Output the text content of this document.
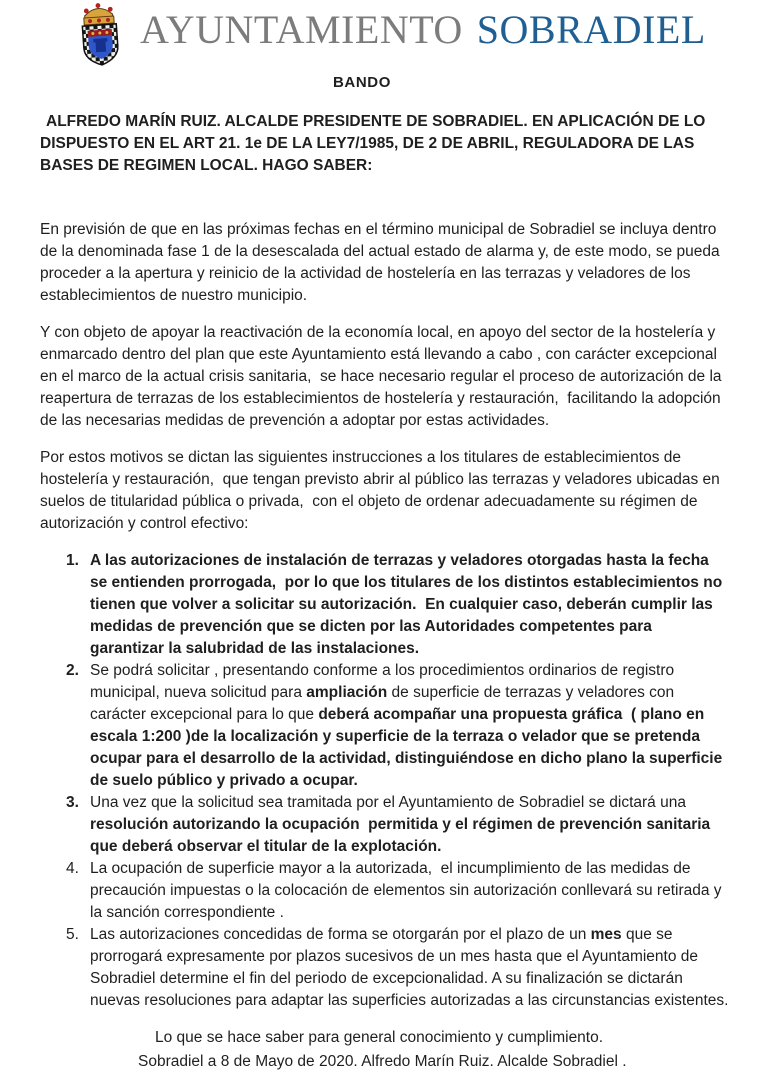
AYUNTAMIENTO SOBRADIEL
BANDO

ALFREDO MARÍN RUIZ. ALCALDE PRESIDENTE DE SOBRADIEL. EN APLICACIÓN DE LO DISPUESTO EN EL ART 21. 1e DE LA LEY7/1985, DE 2 DE ABRIL, REGULADORA DE LAS BASES DE REGIMEN LOCAL. HAGO SABER:

En previsión de que en las próximas fechas en el término municipal de Sobradiel se incluya dentro de la denominada fase 1 de la desescalada del actual estado de alarma y, de este modo, se pueda proceder a la apertura y reinicio de la actividad de hostelería en las terrazas y veladores de los establecimientos de nuestro municipio.

Y con objeto de apoyar la reactivación de la economía local, en apoyo del sector de la hostelería y enmarcado dentro del plan que este Ayuntamiento está llevando a cabo , con carácter excepcional en el marco de la actual crisis sanitaria,  se hace necesario regular el proceso de autorización de la reapertura de terrazas de los establecimientos de hostelería y restauración,  facilitando la adopción de las necesarias medidas de prevención a adoptar por estas actividades.

Por estos motivos se dictan las siguientes instrucciones a los titulares de establecimientos de hostelería y restauración,  que tengan previsto abrir al público las terrazas y veladores ubicadas en suelos de titularidad pública o privada,  con el objeto de ordenar adecuadamente su régimen de autorización y control efectivo:

1. A las autorizaciones de instalación de terrazas y veladores otorgadas hasta la fecha se entienden prorrogada,  por lo que los titulares de los distintos establecimientos no tienen que volver a solicitar su autorización.  En cualquier caso, deberán cumplir las medidas de prevención que se dicten por las Autoridades competentes para garantizar la salubridad de las instalaciones.
2. Se podrá solicitar , presentando conforme a los procedimientos ordinarios de registro municipal, nueva solicitud para ampliación de superficie de terrazas y veladores con carácter excepcional para lo que deberá acompañar una propuesta gráfica  ( plano en escala 1:200 )de la localización y superficie de la terraza o velador que se pretenda ocupar para el desarrollo de la actividad, distinguiéndose en dicho plano la superficie  de suelo público y privado a ocupar.
3. Una vez que la solicitud sea tramitada por el Ayuntamiento de Sobradiel se dictará una resolución autorizando la ocupación  permitida y el régimen de prevención sanitaria que deberá observar el titular de la explotación.
4. La ocupación de superficie mayor a la autorizada,  el incumplimiento de las medidas de precaución impuestas o la colocación de elementos sin autorización conllevará su retirada y la sanción correspondiente .
5. Las autorizaciones concedidas de forma se otorgarán por el plazo de un mes que se prorrogará expresamente por plazos sucesivos de un mes hasta que el Ayuntamiento de Sobradiel determine el fin del periodo de excepcionalidad. A su finalización se dictarán nuevas resoluciones para adaptar las superficies autorizadas a las circunstancias existentes.
Lo que se hace saber para general conocimiento y cumplimiento.
Sobradiel a 8 de Mayo de 2020. Alfredo Marín Ruiz. Alcalde Sobradiel .
